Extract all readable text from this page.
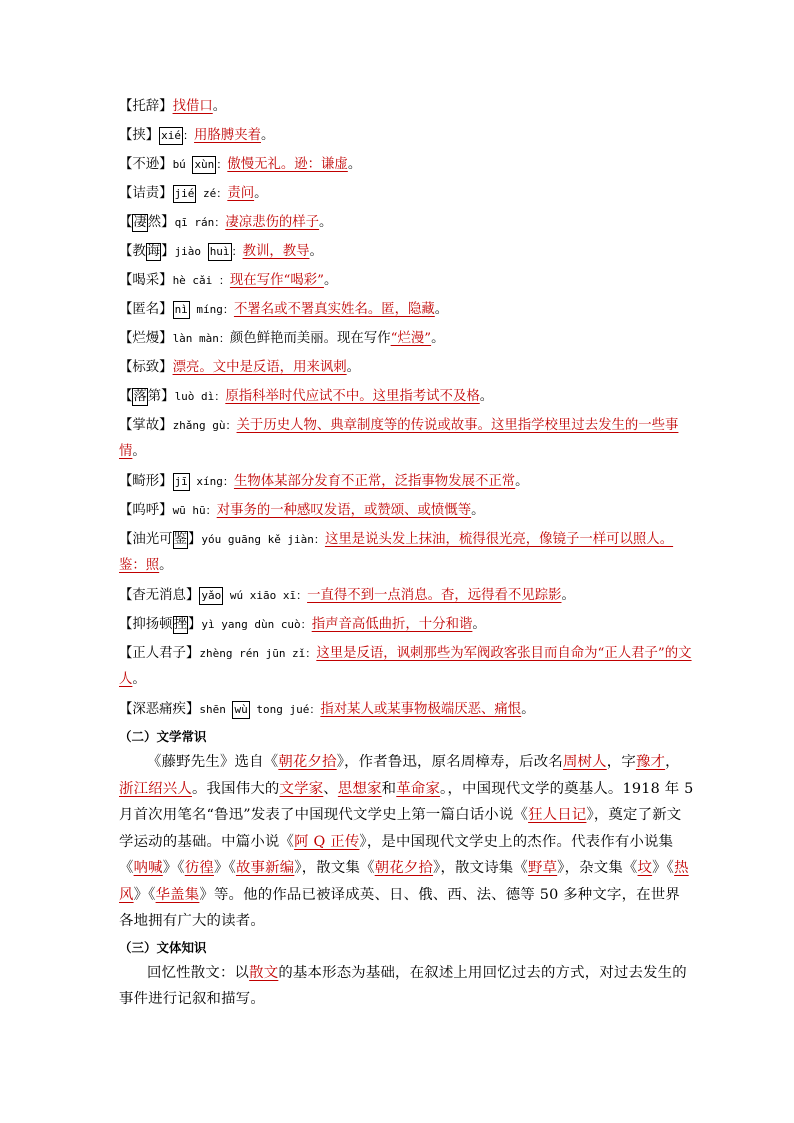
【托辞】找借口。
【挟】 xié ：用胳膊夹着。
【不逊】bú xùn ：傲慢无礼。逊：谦虚。
【诘责】 jié zé：责问。
【凄然】qī rán：凄凉悲伤的样子。
【教诲】jiào huì ：教训，教导。
【喝采】hè cǎi ：现在写作“喝彩”。
【匿名】 nì míng：不署名或不署真实姓名。匿，隐藏。
【烂熳】làn màn：颜色鲜艳而美丽。现在写作“烂漫”。
【标致】漂亮。文中是反语，用来讽刺。
【落第】luò dì：原指科举时代应试不中。这里指考试不及格。
【掌故】zhǎng gù：关于历史人物、典章制度等的传说或故事。这里指学校里过去发生的一些事情。
【畸形】 jī xíng：生物体某部分发育不正常，泛指事物发展不正常。
【呜呼】wū hū：对事务的一种感叹发语，或赞颂、或愤慨等。
【油光可鉴】yóu guāng kě jiàn：这里是说头发上抹油，梳得很光亮，像镜子一样可以照人。鉴：照。
【杳无消息】 yǎo wú xiāo xī：一直得不到一点消息。杳，远得看不见踪影。
【抑扬顿挫】yì yang dùn cuò：指声音高低曲折，十分和谐。
【正人君子】zhèng rén jūn zǐ：这里是反语，讽刺那些为军阀政客张目而自命为“正人君子”的文人。
【深恶痛疾】shēn wù tong jué：指对某人或某事物极端厌恶、痛恨。
（二）文学常识
《藤野先生》选自《朝花夕拾》，作者鲁迅，原名周樟寿，后改名周树人，字豫才，浙江绍兴人。我国伟大的文学家、思想家和革命家。，中国现代文学的奠基人。1918 年 5 月首次用笔名“鲁迅”发表了中国现代文学史上第一篇白话小说《狂人日记》，奠定了新文学运动的基础。中篇小说《阿 Q 正传》，是中国现代文学史上的杰作。代表作有小说集《呐喊》《彷徨》《故事新编》，散文集《朝花夕拾》，散文诗集《野草》，杂文集《坟》《热风》《华盖集》等。他的作品已被译成英、日、俄、西、法、德等 50 多种文字，在世界各地拥有广大的读者。
（三）文体知识
回忆性散文：以散文的基本形态为基础，在叙述上用回忆过去的方式，对过去发生的事件进行记叙和描写。
